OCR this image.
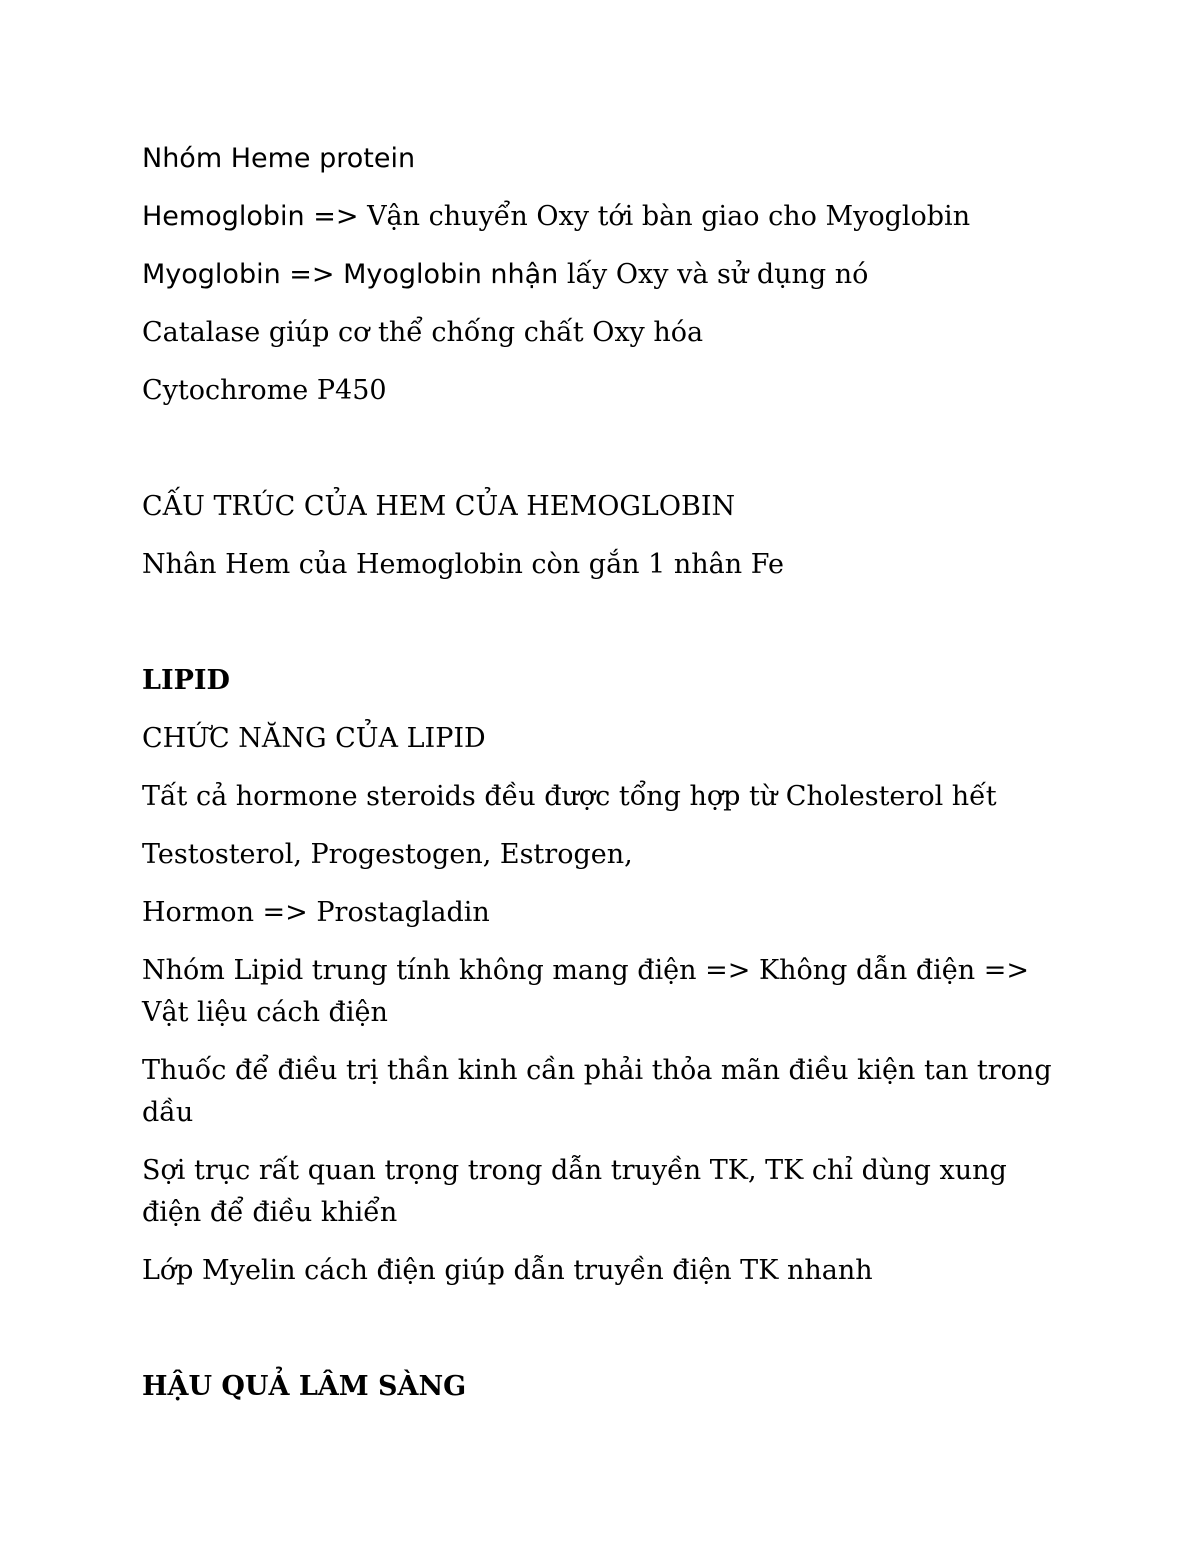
Nhóm Heme protein
Hemoglobin => Vận chuyển Oxy tới bàn giao cho Myoglobin
Myoglobin => Myoglobin nhận lấy Oxy và sử dụng nó
Catalase giúp cơ thể chống chất Oxy hóa
Cytochrome P450
CẤU TRÚC CỦA HEM CỦA HEMOGLOBIN
Nhân Hem của Hemoglobin còn gắn 1 nhân Fe
LIPID
CHỨC NĂNG CỦA LIPID
Tất cả hormone steroids đều được tổng hợp từ Cholesterol hết
Testosterol, Progestogen, Estrogen,
Hormon => Prostagladin
Nhóm Lipid trung tính không mang điện => Không dẫn điện => Vật liệu cách điện
Thuốc để điều trị thần kinh cần phải thỏa mãn điều kiện tan trong dầu
Sợi trục rất quan trọng trong dẫn truyền TK, TK chỉ dùng xung điện để điều khiển
Lớp Myelin cách điện giúp dẫn truyền điện TK nhanh
HẬU QUẢ LÂM SÀNG
